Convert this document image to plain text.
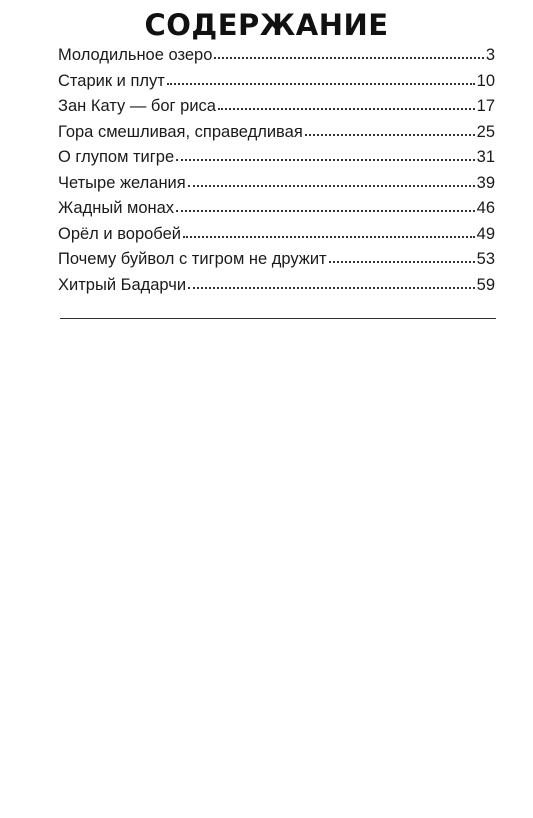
СОДЕРЖАНИЕ
Молодильное озеро	3
Старик и плут	10
Зан Кату — бог риса	17
Гора смешливая, справедливая	25
О глупом тигре	31
Четыре желания	39
Жадный монах	46
Орёл и воробей	49
Почему буйвол с тигром не дружит	53
Хитрый Бадарчи	59
